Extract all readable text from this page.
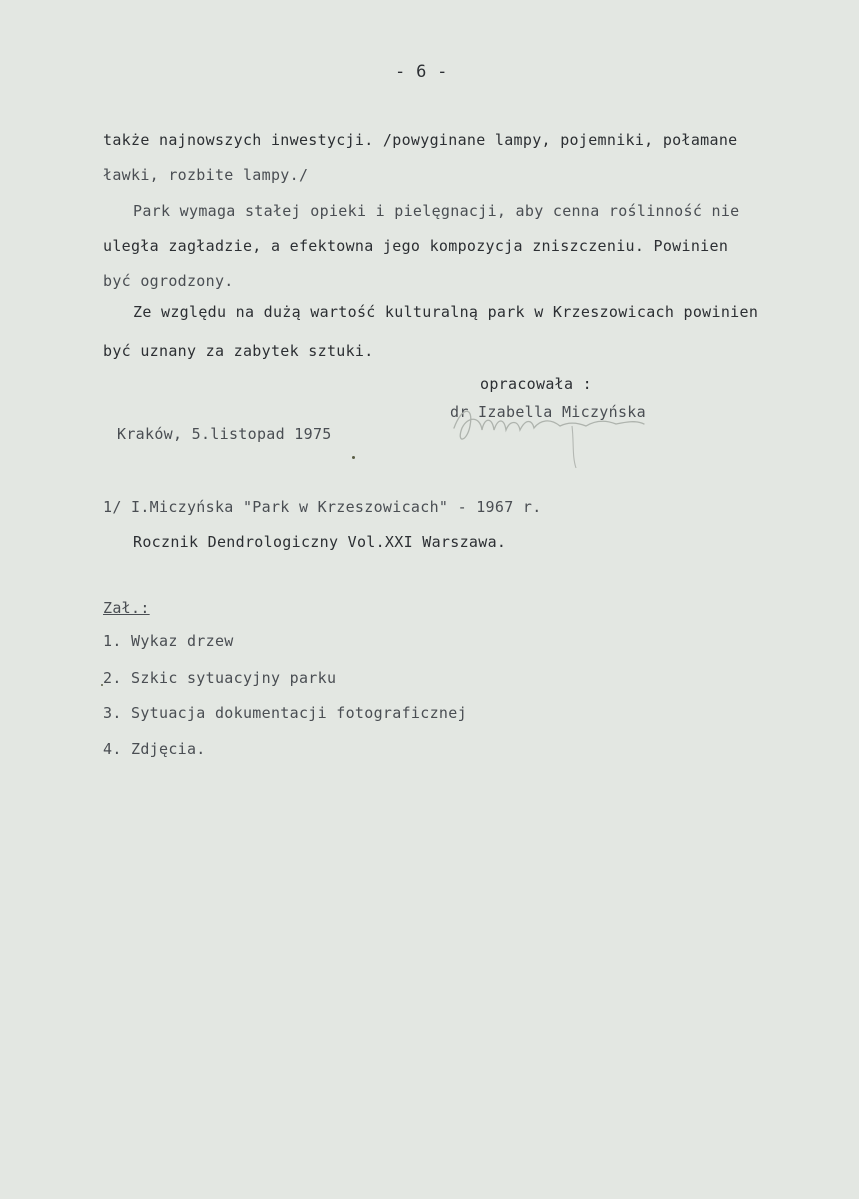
- 6 -
także najnowszych inwestycji. /powyginane lampy, pojemniki, połamane
ławki, rozbite lampy./
Park wymaga stałej opieki i pielęgnacji, aby cenna roślinność nie
uległa zagładzie, a efektowna jego kompozycja zniszczeniu. Powinien
być ogrodzony.
Ze względu na dużą wartość kulturalną park w Krzeszowicach powinien
być uznany za zabytek sztuki.
opracowała :
dr Izabella Miczyńska
Kraków, 5.listopad 1975
1/ I.Miczyńska "Park w Krzeszowicach" - 1967 r.
Rocznik Dendrologiczny Vol.XXI Warszawa.
Zał.:
1. Wykaz drzew
2. Szkic sytuacyjny parku
3. Sytuacja dokumentacji fotograficznej
4. Zdjęcia.
